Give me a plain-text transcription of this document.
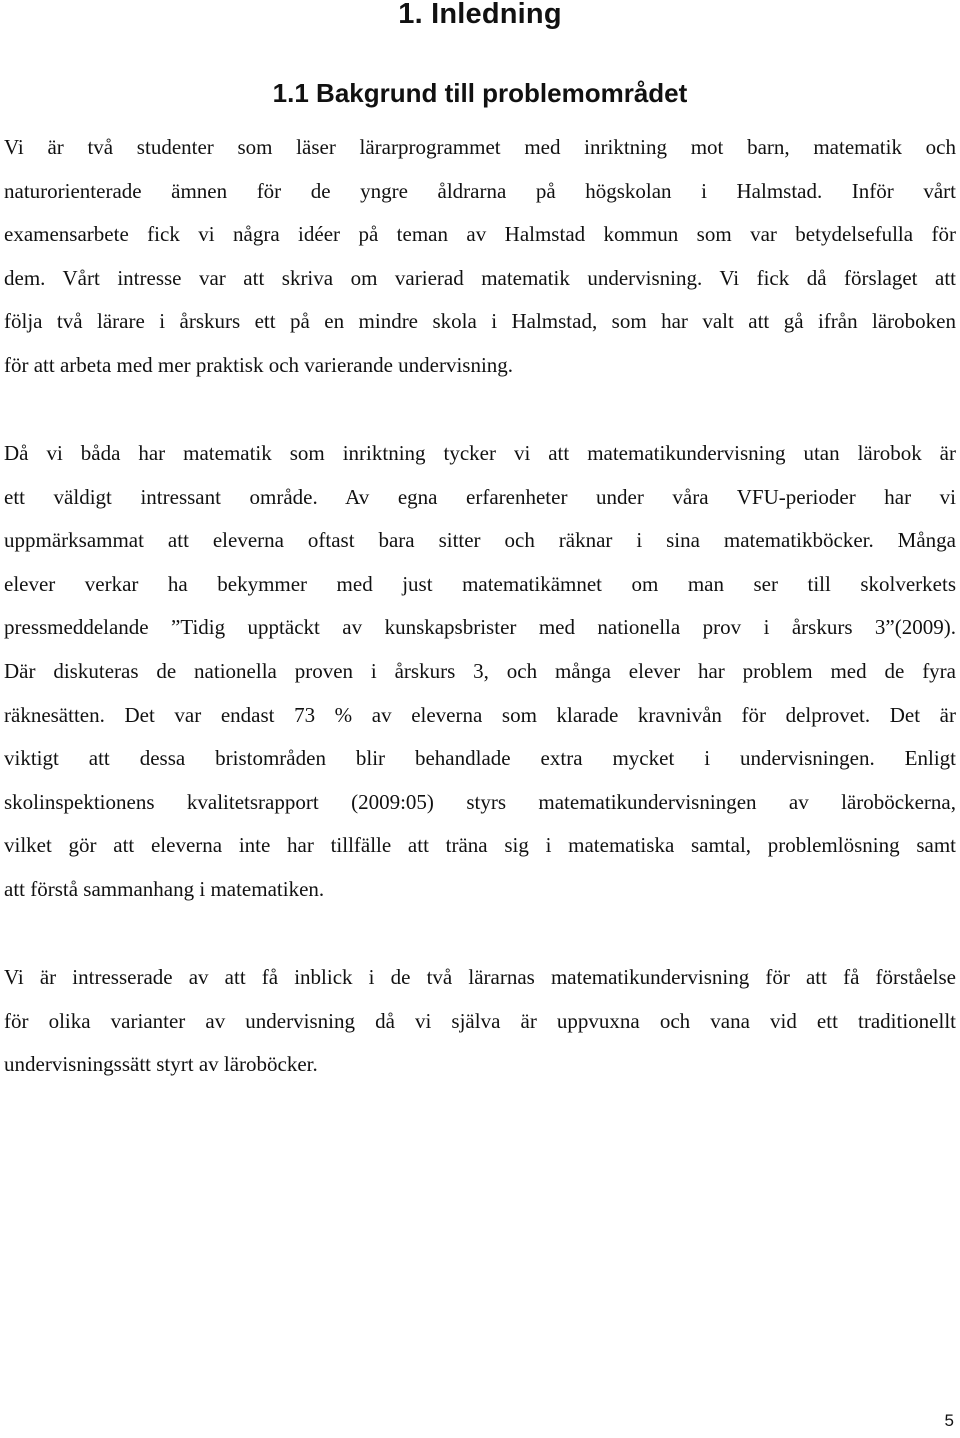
1. Inledning
1.1 Bakgrund till problemområdet
Vi är två studenter som läser lärarprogrammet med inriktning mot barn, matematik och
naturorienterade ämnen för de yngre åldrarna på högskolan i Halmstad. Inför vårt
examensarbete fick vi några idéer på teman av Halmstad kommun som var betydelsefulla för
dem. Vårt intresse var att skriva om varierad matematik undervisning. Vi fick då förslaget att
följa två lärare i årskurs ett på en mindre skola i Halmstad, som har valt att gå ifrån läroboken
för att arbeta med mer praktisk och varierande undervisning.
Då vi båda har matematik som inriktning tycker vi att matematikundervisning utan lärobok är
ett väldigt intressant område. Av egna erfarenheter under våra VFU-perioder har vi
uppmärksammat att eleverna oftast bara sitter och räknar i sina matematikböcker. Många
elever verkar ha bekymmer med just matematikämnet om man ser till skolverkets
pressmeddelande ”Tidig upptäckt av kunskapsbrister med nationella prov i årskurs 3”(2009).
Där diskuteras de nationella proven i årskurs 3, och många elever har problem med de fyra
räknesätten. Det var endast 73 % av eleverna som klarade kravnivån för delprovet. Det är
viktigt att dessa bristområden blir behandlade extra mycket i undervisningen. Enligt
skolinspektionens kvalitetsrapport (2009:05) styrs matematikundervisningen av läroböckerna,
vilket gör att eleverna inte har tillfälle att träna sig i matematiska samtal, problemlösning samt
att förstå sammanhang i matematiken.
Vi är intresserade av att få inblick i de två lärarnas matematikundervisning för att få förståelse
för olika varianter av undervisning då vi själva är uppvuxna och vana vid ett traditionellt
undervisningssätt styrt av läroböcker.
5
